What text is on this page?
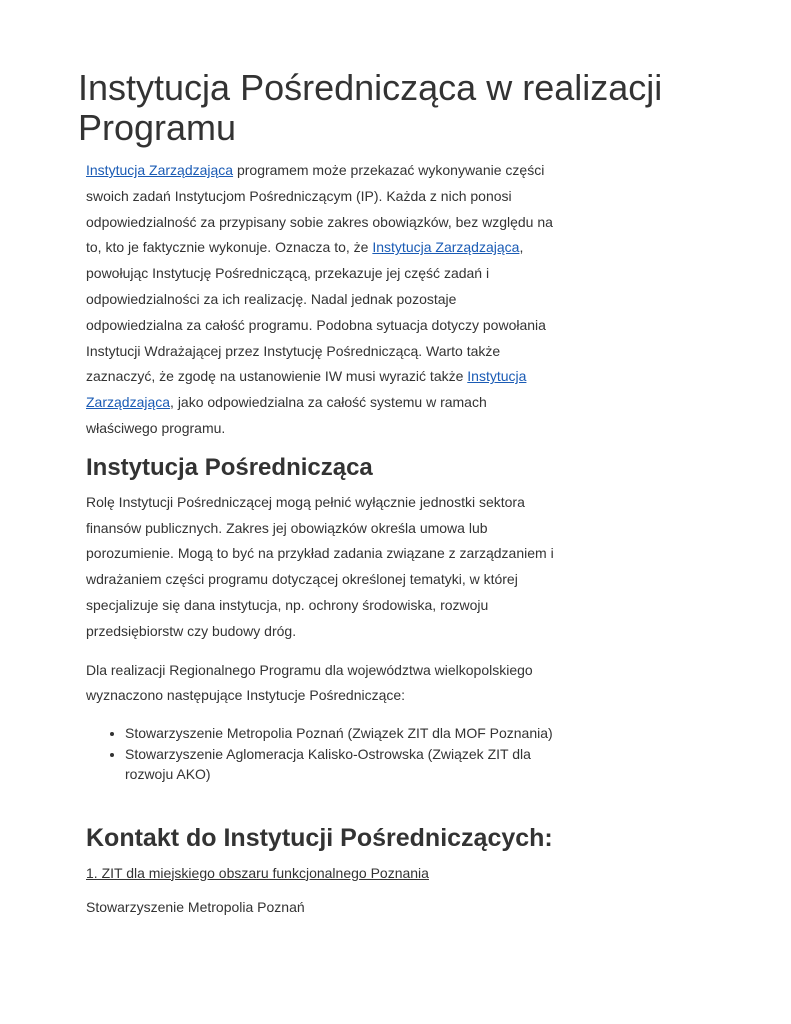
Instytucja Pośrednicząca w realizacji Programu

Instytucja Zarządzająca programem może przekazać wykonywanie części swoich zadań Instytucjom Pośredniczącym (IP). Każda z nich ponosi odpowiedzialność za przypisany sobie zakres obowiązków, bez względu na to, kto je faktycznie wykonuje. Oznacza to, że Instytucja Zarządzająca, powołując Instytucję Pośredniczącą, przekazuje jej część zadań i odpowiedzialności za ich realizację. Nadal jednak pozostaje odpowiedzialna za całość programu. Podobna sytuacja dotyczy powołania Instytucji Wdrażającej przez Instytucję Pośredniczącą. Warto także zaznaczyć, że zgodę na ustanowienie IW musi wyrazić także Instytucja Zarządzająca, jako odpowiedzialna za całość systemu w ramach właściwego programu.

Instytucja Pośrednicząca

Rolę Instytucji Pośredniczącej mogą pełnić wyłącznie jednostki sektora finansów publicznych. Zakres jej obowiązków określa umowa lub porozumienie. Mogą to być na przykład zadania związane z zarządzaniem i wdrażaniem części programu dotyczącej określonej tematyki, w której specjalizuje się dana instytucja, np. ochrony środowiska, rozwoju przedsiębiorstw czy budowy dróg.

Dla realizacji Regionalnego Programu dla województwa wielkopolskiego wyznaczono następujące Instytucje Pośredniczące:

• Stowarzyszenie Metropolia Poznań (Związek ZIT dla MOF Poznania)
• Stowarzyszenie Aglomeracja Kalisko-Ostrowska (Związek ZIT dla rozwoju AKO)
Kontakt do Instytucji Pośredniczących:
1. ZIT dla miejskiego obszaru funkcjonalnego Poznania

Stowarzyszenie Metropolia Poznań
